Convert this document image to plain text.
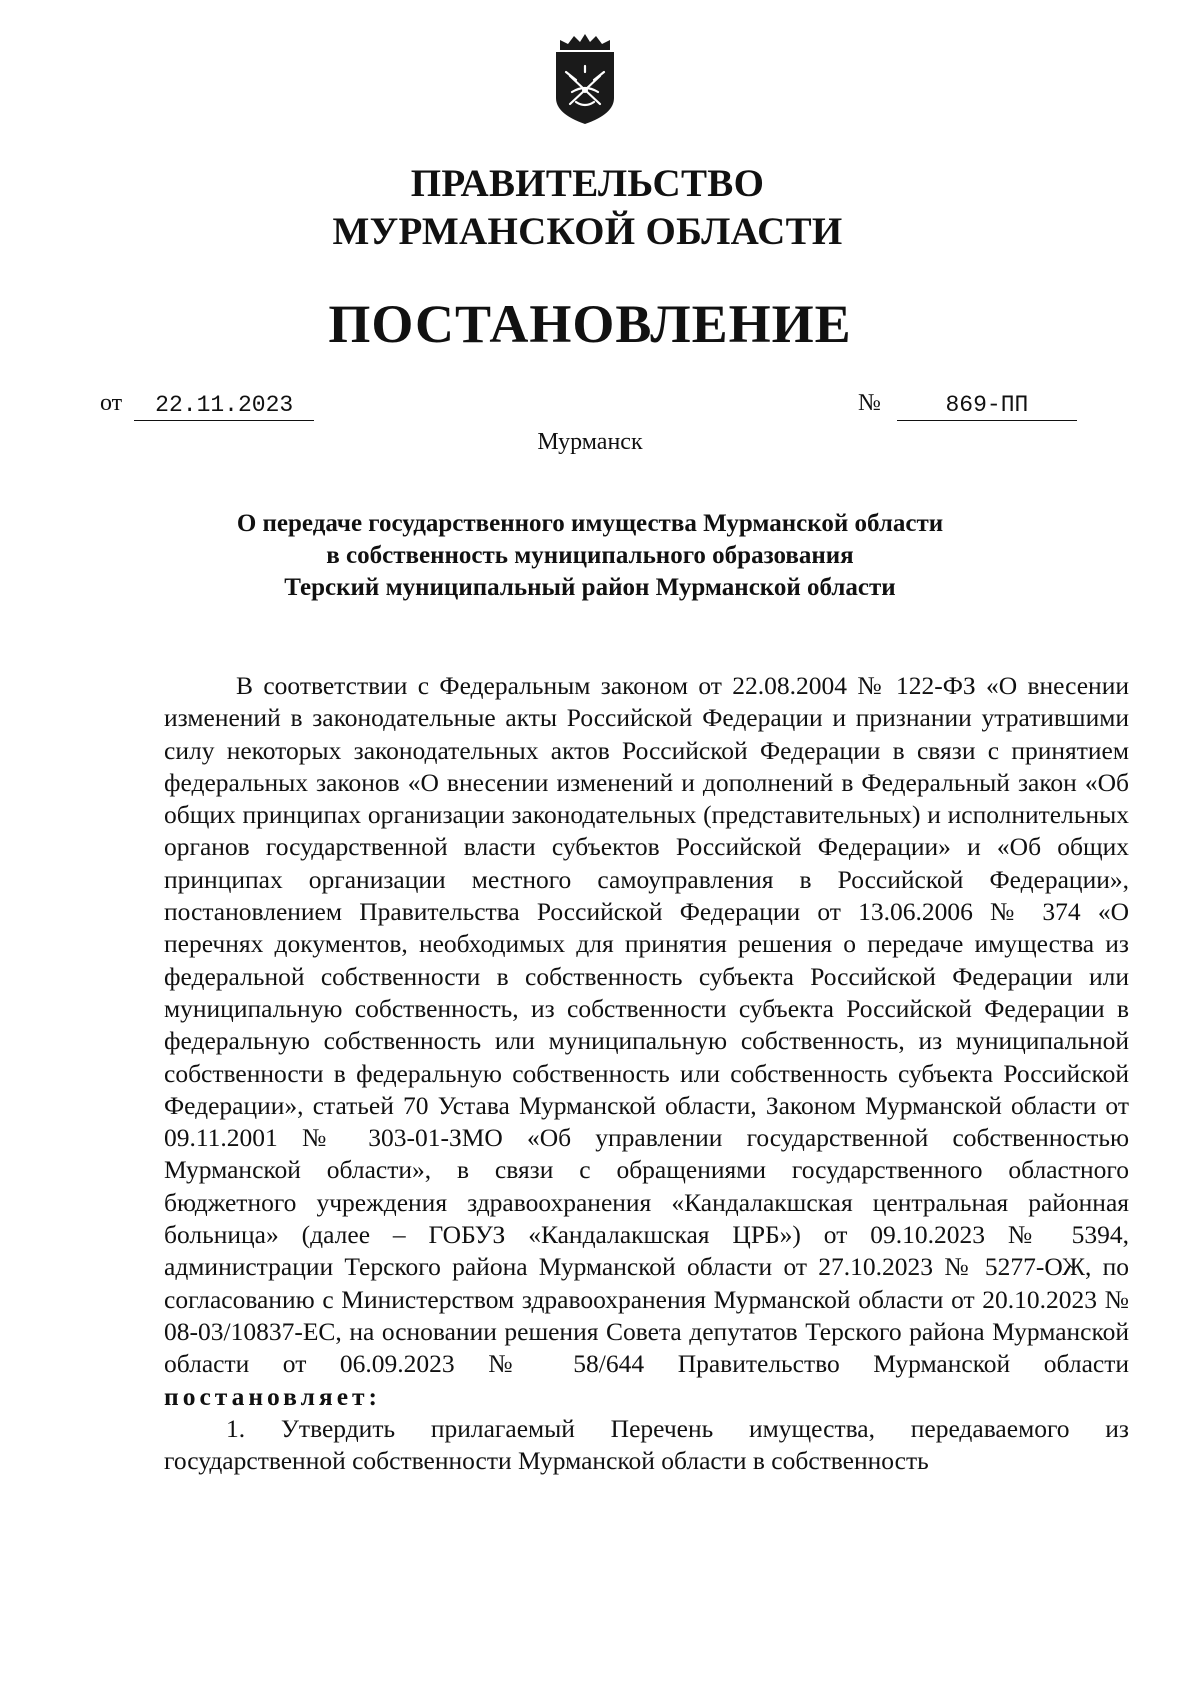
ПРАВИТЕЛЬСТВО
МУРМАНСКОЙ ОБЛАСТИ
ПОСТАНОВЛЕНИЕ
от 22.11.2023	№	869-ПП
Мурманск
О передаче государственного имущества Мурманской области
в собственность муниципального образования
Терский муниципальный район Мурманской области

В соответствии с Федеральным законом от 22.08.2004 № 122-ФЗ «О внесении изменений в законодательные акты Российской Федерации и признании утратившими силу некоторых законодательных актов Российской Федерации в связи с принятием федеральных законов «О внесении изменений и дополнений в Федеральный закон «Об общих принципах организации законодательных (представительных) и исполнительных органов государственной власти субъектов Российской Федерации» и «Об общих принципах организации местного самоуправления в Российской Федерации», постановлением Правительства Российской Федерации от 13.06.2006 № 374 «О перечнях документов, необходимых для принятия решения о передаче имущества из федеральной собственности в собственность субъекта Российской Федерации или муниципальную собственность, из собственности субъекта Российской Федерации в федеральную собственность или муниципальную собственность, из муниципальной собственности в федеральную собственность или собственность субъекта Российской Федерации», статьей 70 Устава Мурманской области, Законом Мурманской области от 09.11.2001 № 303-01-ЗМО «Об управлении государственной собственностью Мурманской области», в связи с обращениями государственного областного бюджетного учреждения здравоохранения «Кандалакшская центральная районная больница» (далее – ГОБУЗ «Кандалакшская ЦРБ») от 09.10.2023 № 5394, администрации Терского района Мурманской области от 27.10.2023 № 5277-ОЖ, по согласованию с Министерством здравоохранения Мурманской области от 20.10.2023 № 08-03/10837-ЕС, на основании решения Совета депутатов Терского района Мурманской области от 06.09.2023 № 58/644 Правительство Мурманской области постановляет:

1. Утвердить прилагаемый Перечень имущества, передаваемого из государственной собственности Мурманской области в собственность
